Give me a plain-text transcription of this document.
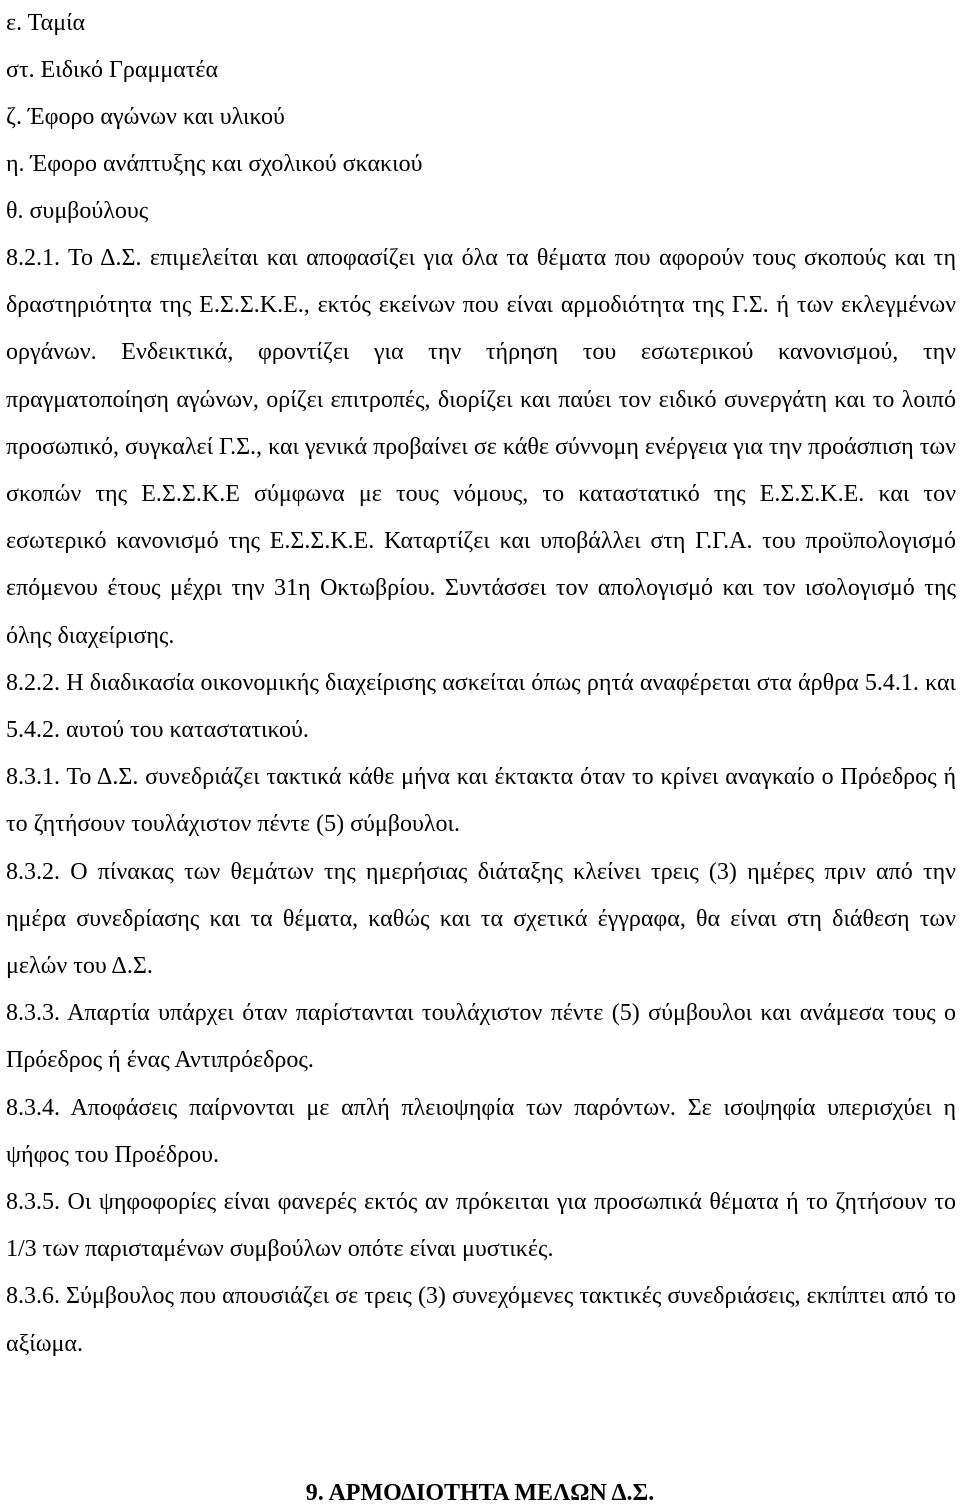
ε. Ταμία
στ. Ειδικό Γραμματέα
ζ. Έφορο αγώνων και υλικού
η. Έφορο ανάπτυξης και σχολικού σκακιού
θ. συμβούλους

8.2.1. Το Δ.Σ. επιμελείται και αποφασίζει για όλα τα θέματα που αφορούν τους σκοπούς και τη δραστηριότητα της Ε.Σ.Σ.Κ.Ε., εκτός εκείνων που είναι αρμοδιότητα της Γ.Σ. ή των εκλεγμένων οργάνων. Ενδεικτικά, φροντίζει για την τήρηση του εσωτερικού κανονισμού, την πραγματοποίηση αγώνων, ορίζει επιτροπές, διορίζει και παύει τον ειδικό συνεργάτη και το λοιπό προσωπικό, συγκαλεί Γ.Σ., και γενικά προβαίνει σε κάθε σύννομη ενέργεια για την προάσπιση των σκοπών της Ε.Σ.Σ.Κ.Ε σύμφωνα με τους νόμους, το καταστατικό της Ε.Σ.Σ.Κ.Ε. και τον εσωτερικό κανονισμό της Ε.Σ.Σ.Κ.Ε. Καταρτίζει και υποβάλλει στη Γ.Γ.Α. του προϋπολογισμό επόμενου έτους μέχρι την 31η Οκτωβρίου. Συντάσσει τον απολογισμό και τον ισολογισμό της όλης διαχείρισης.

8.2.2. Η διαδικασία οικονομικής διαχείρισης ασκείται όπως ρητά αναφέρεται στα άρθρα 5.4.1. και 5.4.2. αυτού του καταστατικού.

8.3.1. Το Δ.Σ. συνεδριάζει τακτικά κάθε μήνα και έκτακτα όταν το κρίνει αναγκαίο ο Πρόεδρος ή το ζητήσουν τουλάχιστον πέντε (5) σύμβουλοι.

8.3.2. Ο πίνακας των θεμάτων της ημερήσιας διάταξης κλείνει τρεις (3) ημέρες πριν από την ημέρα συνεδρίασης και τα θέματα, καθώς και τα σχετικά έγγραφα, θα είναι στη διάθεση των μελών του Δ.Σ.

8.3.3. Απαρτία υπάρχει όταν παρίστανται τουλάχιστον πέντε (5) σύμβουλοι και ανάμεσα τους ο Πρόεδρος ή ένας Αντιπρόεδρος.

8.3.4. Αποφάσεις παίρνονται με απλή πλειοψηφία των παρόντων. Σε ισοψηφία υπερισχύει η ψήφος του Προέδρου.

8.3.5. Οι ψηφοφορίες είναι φανερές εκτός αν πρόκειται για προσωπικά θέματα ή το ζητήσουν το 1/3 των παρισταμένων συμβούλων οπότε είναι μυστικές.

8.3.6. Σύμβουλος που απουσιάζει σε τρεις (3) συνεχόμενες τακτικές συνεδριάσεις, εκπίπτει από το αξίωμα.

9. ΑΡΜΟΔΙΟΤΗΤΑ ΜΕΛΩΝ Δ.Σ.
